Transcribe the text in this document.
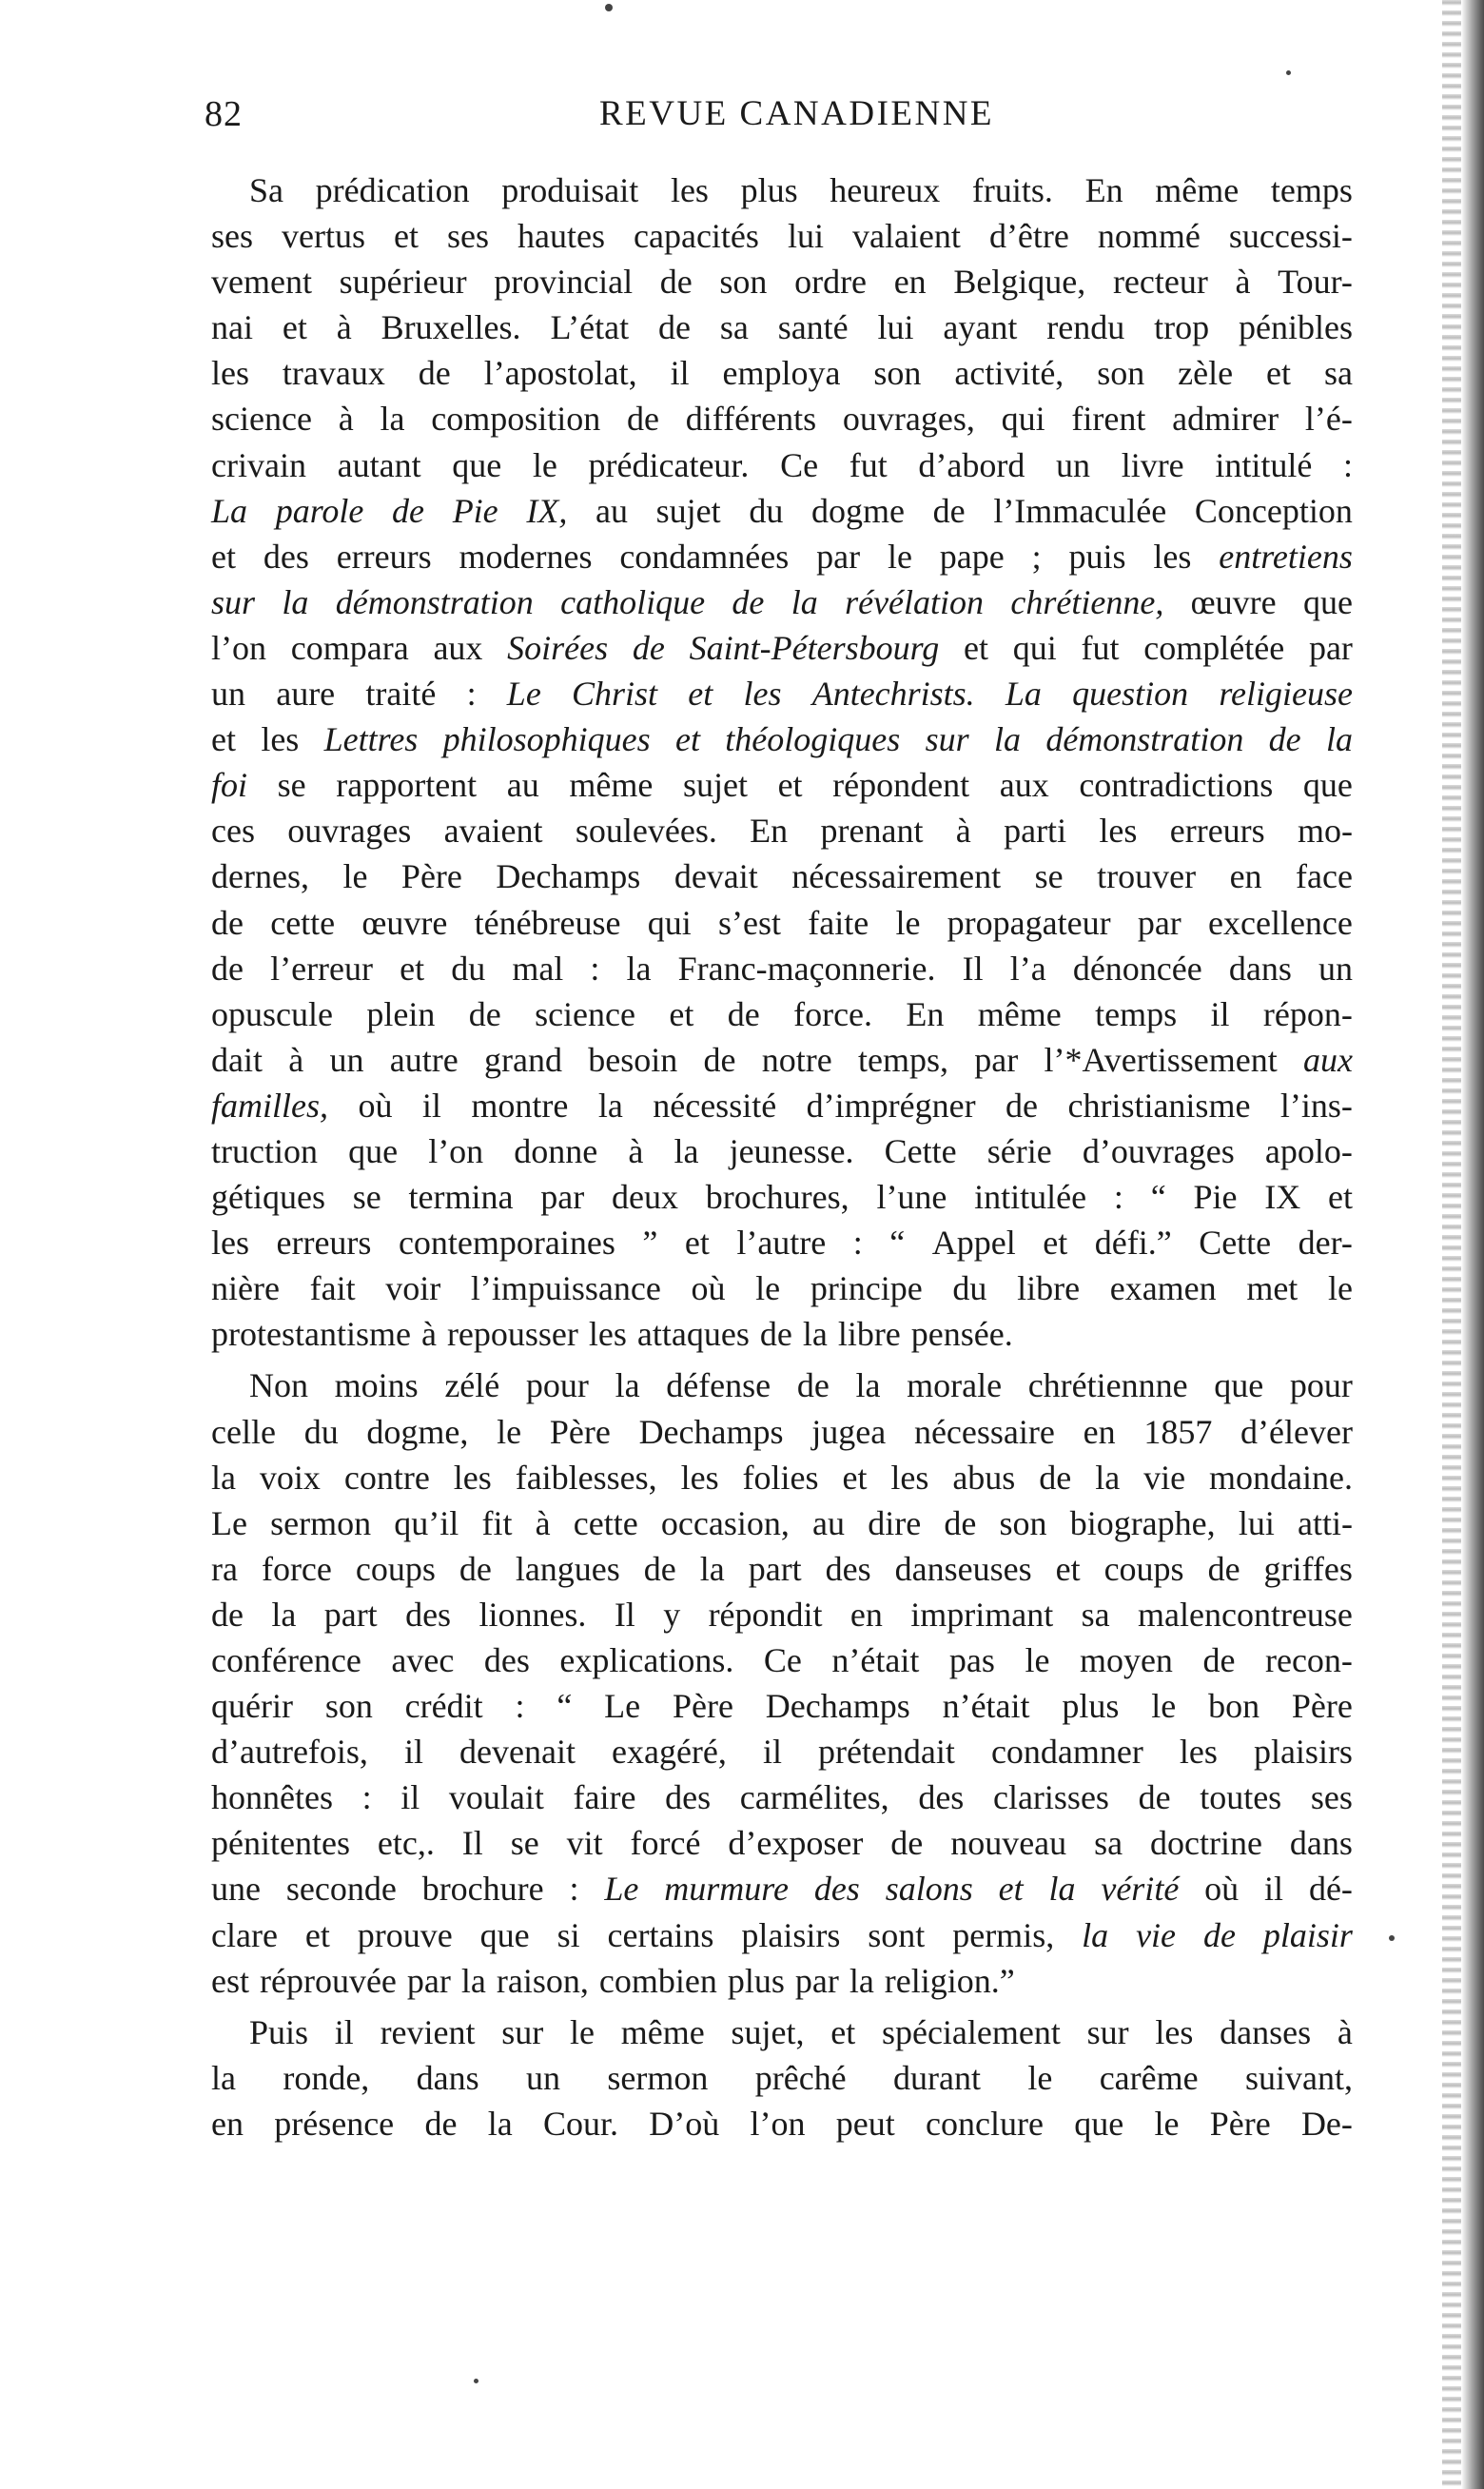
82	REVUE CANADIENNE
Sa prédication produisait les plus heureux fruits. En même temps
ses vertus et ses hautes capacités lui valaient d’être nommé successi-
vement supérieur provincial de son ordre en Belgique, recteur à Tour-
nai et à Bruxelles. L’état de sa santé lui ayant rendu trop pénibles
les travaux de l’apostolat, il employa son activité, son zèle et sa
science à la composition de différents ouvrages, qui firent admirer l’é-
crivain autant que le prédicateur. Ce fut d’abord un livre intitulé :
La parole de Pie IX, au sujet du dogme de l’Immaculée Conception
et des erreurs modernes condamnées par le pape ; puis les entretiens
sur la démonstration catholique de la révélation chrétienne, œuvre que
l’on compara aux Soirées de Saint-Pétersbourg et qui fut complétée par
un aure traité : Le Christ et les Antechrists. La question religieuse
et les Lettres philosophiques et théologiques sur la démonstration de la
foi se rapportent au même sujet et répondent aux contradictions que
ces ouvrages avaient soulevées. En prenant à parti les erreurs mo-
dernes, le Père Dechamps devait nécessairement se trouver en face
de cette œuvre ténébreuse qui s’est faite le propagateur par excellence
de l’erreur et du mal : la Franc-maçonnerie. Il l’a dénoncée dans un
opuscule plein de science et de force. En même temps il répon-
dait à un autre grand besoin de notre temps, par l’*Avertissement aux
familles, où il montre la nécessité d’imprégner de christianisme l’ins-
truction que l’on donne à la jeunesse. Cette série d’ouvrages apolo-
gétiques se termina par deux brochures, l’une intitulée : “ Pie IX et
les erreurs contemporaines ” et l’autre : “ Appel et défi.” Cette der-
nière fait voir l’impuissance où le principe du libre examen met le
protestantisme à repousser les attaques de la libre pensée.
Non moins zélé pour la défense de la morale chrétiennne que pour
celle du dogme, le Père Dechamps jugea nécessaire en 1857 d’élever
la voix contre les faiblesses, les folies et les abus de la vie mondaine.
Le sermon qu’il fit à cette occasion, au dire de son biographe, lui atti-
ra force coups de langues de la part des danseuses et coups de griffes
de la part des lionnes. Il y répondit en imprimant sa malencontreuse
conférence avec des explications. Ce n’était pas le moyen de recon-
quérir son crédit : “ Le Père Dechamps n’était plus le bon Père
d’autrefois, il devenait exagéré, il prétendait condamner les plaisirs
honnêtes : il voulait faire des carmélites, des clarisses de toutes ses
pénitentes etc,. Il se vit forcé d’exposer de nouveau sa doctrine dans
une seconde brochure : Le murmure des salons et la vérité où il dé-
clare et prouve que si certains plaisirs sont permis, la vie de plaisir
est réprouvée par la raison, combien plus par la religion.”
Puis il revient sur le même sujet, et spécialement sur les danses à
la ronde, dans un sermon prêché durant le carême suivant,
en présence de la Cour. D’où l’on peut conclure que le Père De-
